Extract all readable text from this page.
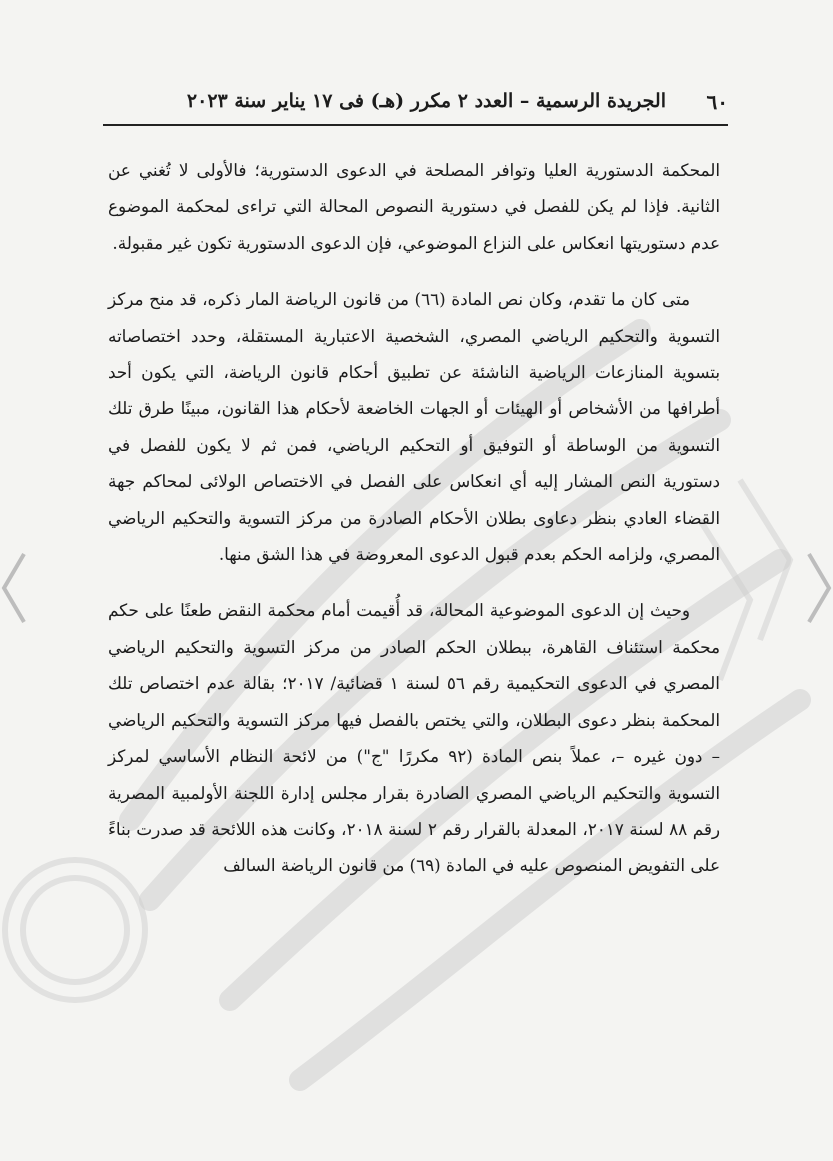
٦٠
الجريدة الرسمية – العدد ٢ مكرر (هـ) فى ١٧ يناير سنة ٢٠٢٣

المحكمة الدستورية العليا وتوافر المصلحة في الدعوى الدستورية؛ فالأولى لا تُغني عن الثانية. فإذا لم يكن للفصل في دستورية النصوص المحالة التي تراءى لمحكمة الموضوع عدم دستوريتها انعكاس على النزاع الموضوعي، فإن الدعوى الدستورية تكون غير مقبولة.

متى كان ما تقدم، وكان نص المادة (٦٦) من قانون الرياضة المار ذكره، قد منح مركز التسوية والتحكيم الرياضي المصري، الشخصية الاعتبارية المستقلة، وحدد اختصاصاته بتسوية المنازعات الرياضية الناشئة عن تطبيق أحكام قانون الرياضة، التي يكون أحد أطرافها من الأشخاص أو الهيئات أو الجهات الخاضعة لأحكام هذا القانون، مبينًا طرق تلك التسوية من الوساطة أو التوفيق أو التحكيم الرياضي، فمن ثم لا يكون للفصل في دستورية النص المشار إليه أي انعكاس على الفصل في الاختصاص الولائى لمحاكم جهة القضاء العادي بنظر دعاوى بطلان الأحكام الصادرة من مركز التسوية والتحكيم الرياضي المصري، ولزامه الحكم بعدم قبول الدعوى المعروضة في هذا الشق منها.

وحيث إن الدعوى الموضوعية المحالة، قد أُقيمت أمام محكمة النقض طعنًا على حكم محكمة استئناف القاهرة، ببطلان الحكم الصادر من مركز التسوية والتحكيم الرياضي المصري في الدعوى التحكيمية رقم ٥٦ لسنة ١ قضائية/ ٢٠١٧؛ بقالة عدم اختصاص تلك المحكمة بنظر دعوى البطلان، والتي يختص بالفصل فيها مركز التسوية والتحكيم الرياضي – دون غيره –، عملاً بنص المادة (٩٢ مكررًا "ج") من لائحة النظام الأساسي لمركز التسوية والتحكيم الرياضي المصري الصادرة بقرار مجلس إدارة اللجنة الأولمبية المصرية رقم ٨٨ لسنة ٢٠١٧، المعدلة بالقرار رقم ٢ لسنة ٢٠١٨، وكانت هذه اللائحة قد صدرت بناءً على التفويض المنصوص عليه في المادة (٦٩) من قانون الرياضة السالف
